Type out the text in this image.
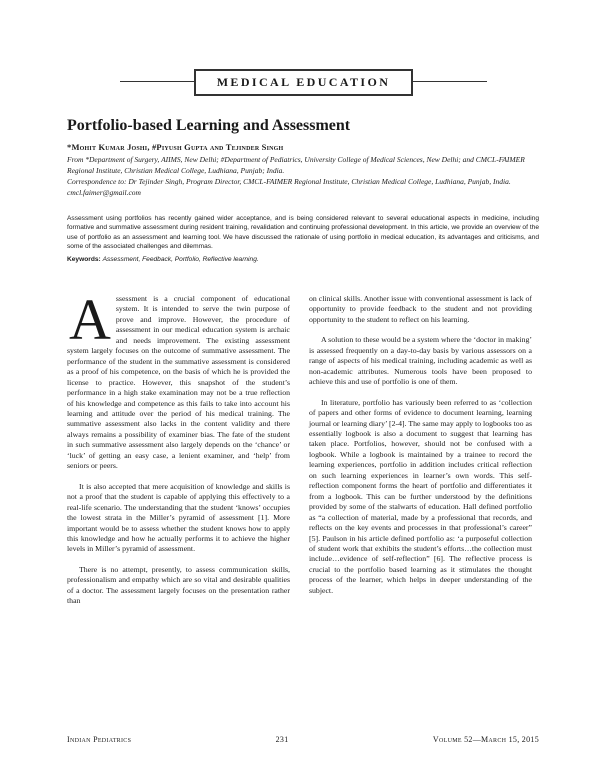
MEDICAL EDUCATION
Portfolio-based Learning and Assessment
*Mohit Kumar Joshi, #Piyush Gupta and Tejinder Singh
From *Department of Surgery, AIIMS, New Delhi; #Department of Pediatrics, University College of Medical Sciences, New Delhi; and CMCL-FAIMER Regional Institute, Christian Medical College, Ludhiana, Punjab; India.
Correspondence to: Dr Tejinder Singh, Program Director, CMCL-FAIMER Regional Institute, Christian Medical College, Ludhiana, Punjab, India. cmcl.faimer@gmail.com

Assessment using portfolios has recently gained wider acceptance, and is being considered relevant to several educational aspects in medicine, including formative and summative assessment during resident training, revalidation and continuing professional development. In this article, we provide an overview of the use of portfolio as an assessment and learning tool. We have discussed the rationale of using portfolio in medical education, its advantages and criticisms, and some of the associated challenges and dilemmas.

Keywords: Assessment, Feedback, Portfolio, Reflective learning.

Assessment is a crucial component of educational system. It is intended to serve the twin purpose of prove and improve. However, the procedure of assessment in our medical education system is archaic and needs improvement. The existing assessment system largely focuses on the outcome of summative assessment. The performance of the student in the summative assessment is considered as a proof of his competence, on the basis of which he is provided the license to practice. However, this snapshot of the student’s performance in a high stake examination may not be a true reflection of his knowledge and competence as this fails to take into account his learning and attitude over the period of his medical training. The summative assessment also lacks in the content validity and there always remains a possibility of examiner bias. The fate of the student in such summative assessment also largely depends on the ‘chance’ or ‘luck’ of getting an easy case, a lenient examiner, and ‘help’ from seniors or peers.

It is also accepted that mere acquisition of knowledge and skills is not a proof that the student is capable of applying this effectively to a real-life scenario. The understanding that the student ‘knows’ occupies the lowest strata in the Miller’s pyramid of assessment [1]. More important would be to assess whether the student knows how to apply this knowledge and how he actually performs it to achieve the higher levels in Miller’s pyramid of assessment.

There is no attempt, presently, to assess communication skills, professionalism and empathy which are so vital and desirable qualities of a doctor. The assessment largely focuses on the presentation rather than

on clinical skills. Another issue with conventional assessment is lack of opportunity to provide feedback to the student and not providing opportunity to the student to reflect on his learning.

A solution to these would be a system where the ‘doctor in making’ is assessed frequently on a day-to-day basis by various assessors on a range of aspects of his medical training, including academic as well as non-academic attributes. Numerous tools have been proposed to achieve this and use of portfolio is one of them.

In literature, portfolio has variously been referred to as ‘collection of papers and other forms of evidence to document learning, learning journal or learning diary’ [2-4]. The same may apply to logbooks too as essentially logbook is also a document to suggest that learning has taken place. Portfolios, however, should not be confused with a logbook. While a logbook is maintained by a trainee to record the learning experiences, portfolio in addition includes critical reflection on such learning experiences in learner’s own words. This self-reflection component forms the heart of portfolio and differentiates it from a logbook. This can be further understood by the definitions provided by some of the stalwarts of education. Hall defined portfolio as “a collection of material, made by a professional that records, and reflects on the key events and processes in that professional’s career” [5]. Paulson in his article defined portfolio as: ‘a purposeful collection of student work that exhibits the student’s efforts…the collection must include…evidence of self-reflection” [6]. The reflective process is crucial to the portfolio based learning as it stimulates the thought process of the learner, which helps in deeper understanding of the subject.

Indian Pediatrics	231	Volume 52—March 15, 2015
